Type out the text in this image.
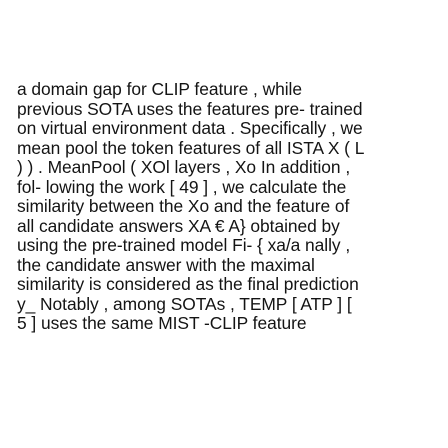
a domain gap for CLIP feature , while
previous SOTA uses the features pre- trained
on virtual environment data . Specifically , we
mean pool the token features of all ISTA X ( L
) ) . MeanPool ( XOl layers , Xo In addition ,
fol- lowing the work [ 49 ] , we calculate the
similarity between the Xo and the feature of
all candidate answers XA € A} obtained by
using the pre-trained model Fi- { xa/a nally ,
the candidate answer with the maximal
similarity is considered as the final prediction
y_ Notably , among SOTAs , TEMP [ ATP ] [
5 ] uses the same MIST -CLIP feature
